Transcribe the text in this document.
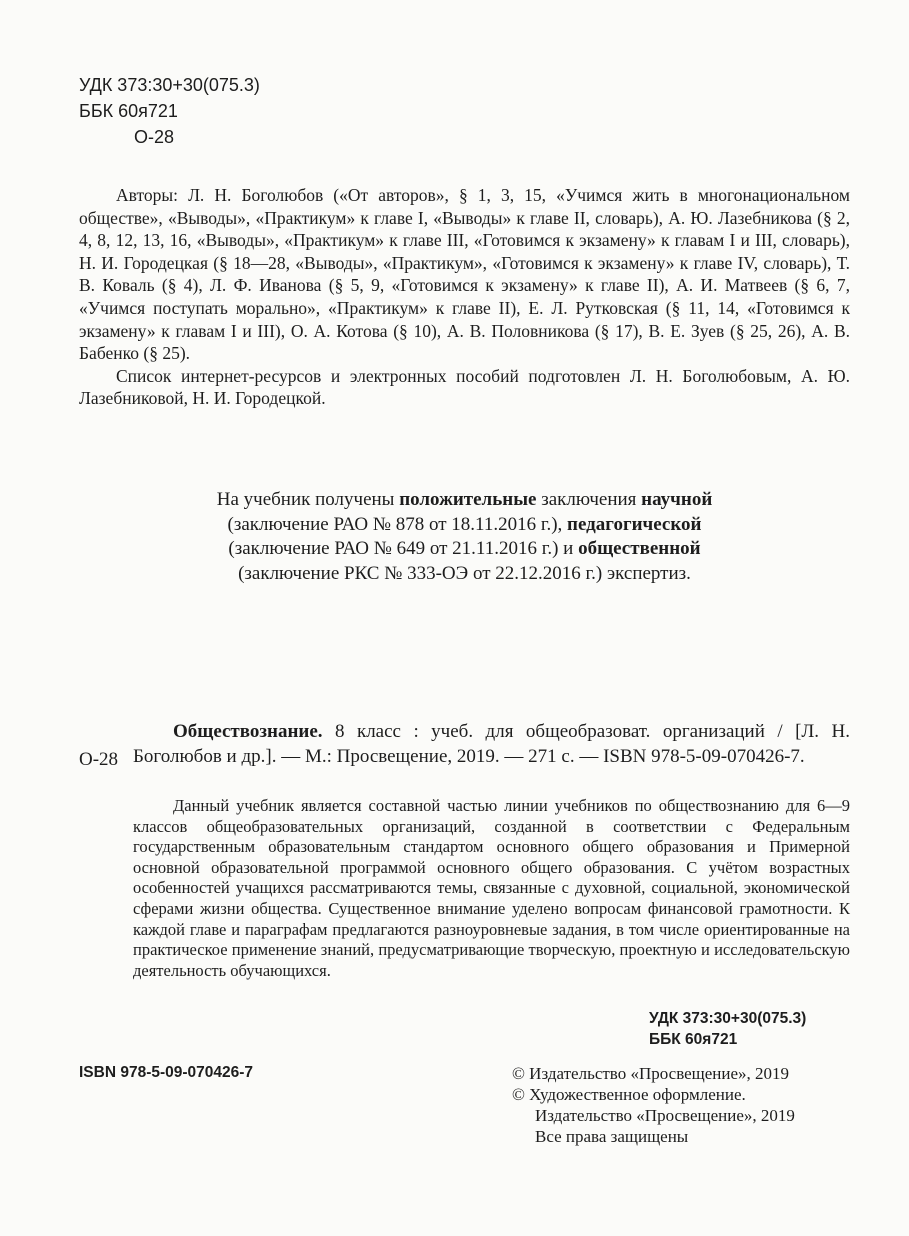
УДК 373:30+30(075.3)
ББК 60я721
О-28

Авторы: Л. Н. Боголюбов («От авторов», § 1, 3, 15, «Учимся жить в многонациональном обществе», «Выводы», «Практикум» к главе I, «Выводы» к главе II, словарь), А. Ю. Лазебникова (§ 2, 4, 8, 12, 13, 16, «Выводы», «Практикум» к главе III, «Готовимся к экзамену» к главам I и III, словарь), Н. И. Городецкая (§ 18—28, «Выводы», «Практикум», «Готовимся к экзамену» к главе IV, словарь), Т. В. Коваль (§ 4), Л. Ф. Иванова (§ 5, 9, «Готовимся к экзамену» к главе II), А. И. Матвеев (§ 6, 7, «Учимся поступать морально», «Практикум» к главе II), Е. Л. Рутковская (§ 11, 14, «Готовимся к экзамену» к главам I и III), О. А. Котова (§ 10), А. В. Половникова (§ 17), В. Е. Зуев (§ 25, 26), А. В. Бабенко (§ 25).

Список интернет-ресурсов и электронных пособий подготовлен Л. Н. Боголюбовым, А. Ю. Лазебниковой, Н. И. Городецкой.

На учебник получены положительные заключения научной
(заключение РАО № 878 от 18.11.2016 г.), педагогической
(заключение РАО № 649 от 21.11.2016 г.) и общественной
(заключение РКС № 333-ОЭ от 22.12.2016 г.) экспертиз.
О-28
Обществознание. 8 класс : учеб. для общеобразоват. организаций / [Л. Н. Боголюбов и др.]. — М.: Просвещение, 2019. — 271 с. — ISBN 978-5-09-070426-7.

Данный учебник является составной частью линии учебников по обществознанию для 6—9 классов общеобразовательных организаций, созданной в соответствии с Федеральным государственным образовательным стандартом основного общего образования и Примерной основной образовательной программой основного общего образования. С учётом возрастных особенностей учащихся рассматриваются темы, связанные с духовной, социальной, экономической сферами жизни общества. Существенное внимание уделено вопросам финансовой грамотности. К каждой главе и параграфам предлагаются разноуровневые задания, в том числе ориентированные на практическое применение знаний, предусматривающие творческую, проектную и исследовательскую деятельность обучающихся.

УДК 373:30+30(075.3)
ББК 60я721
ISBN 978-5-09-070426-7	© Издательство «Просвещение», 2019
© Художественное оформление.
Издательство «Просвещение», 2019
Все права защищены
